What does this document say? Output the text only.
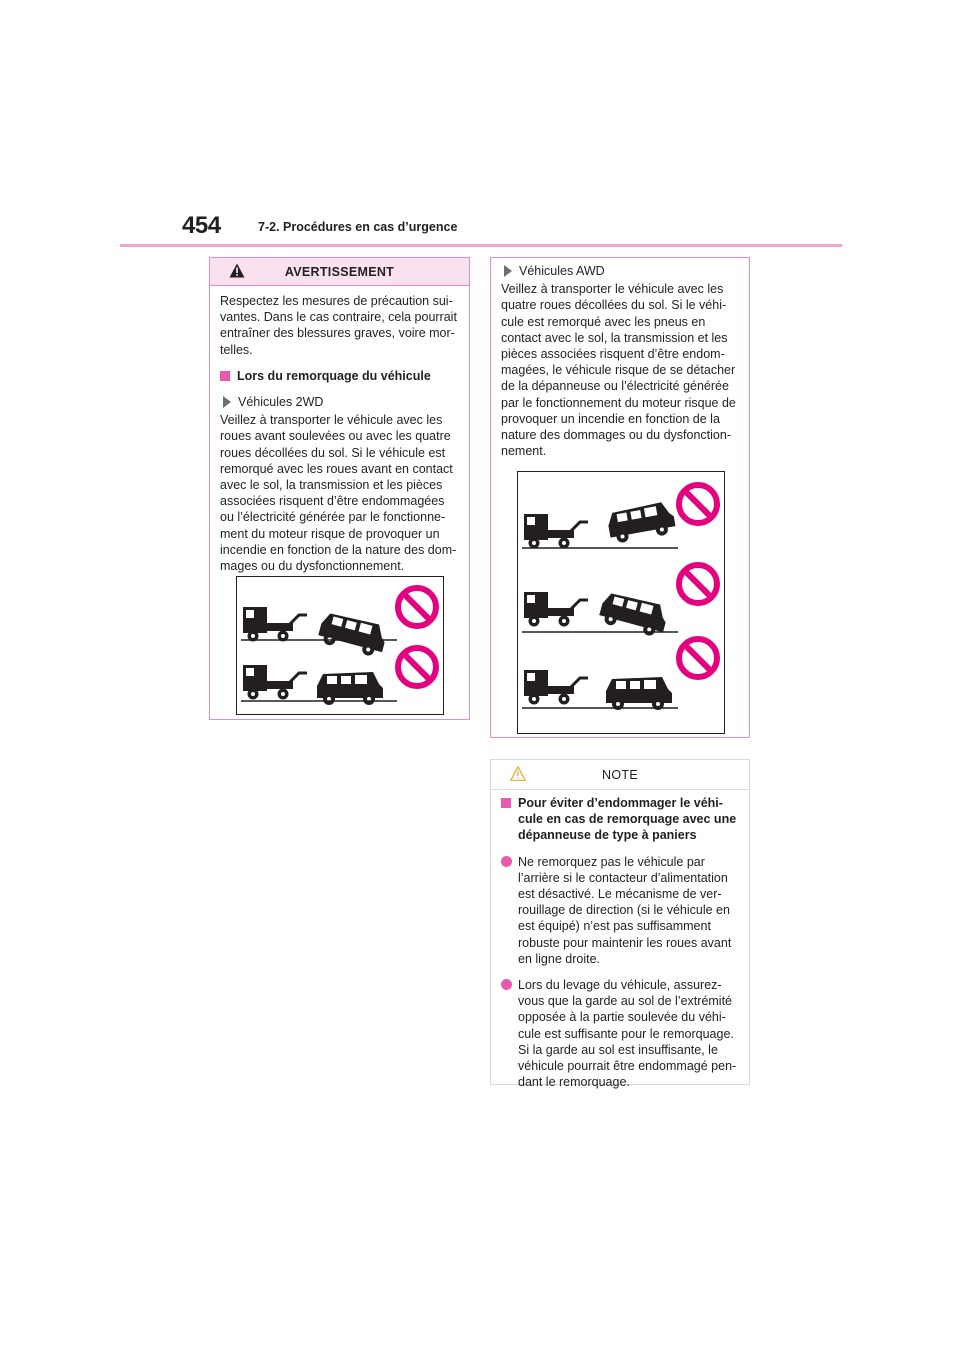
454	7-2. Procédures en cas d’urgence
AVERTISSEMENT

Respectez les mesures de précaution sui-vantes. Dans le cas contraire, cela pourrait entraîner des blessures graves, voire mor-telles.

Lors du remorquage du véhicule

Véhicules 2WD

Veillez à transporter le véhicule avec les roues avant soulevées ou avec les quatre roues décollées du sol. Si le véhicule est remorqué avec les roues avant en contact avec le sol, la transmission et les pièces associées risquent d’être endommagées ou l’électricité générée par le fonctionne-ment du moteur risque de provoquer un incendie en fonction de la nature des dom-mages ou du dysfonctionnement.

Véhicules AWD

Veillez à transporter le véhicule avec les quatre roues décollées du sol. Si le véhi-cule est remorqué avec les pneus en contact avec le sol, la transmission et les pièces associées risquent d’être endom-magées, le véhicule risque de se détacher de la dépanneuse ou l’électricité générée par le fonctionnement du moteur risque de provoquer un incendie en fonction de la nature des dommages ou du dysfonction-nement.

NOTE

Pour éviter d’endommager le véhi-cule en cas de remorquage avec une dépanneuse de type à paniers

Ne remorquez pas le véhicule par l’arrière si le contacteur d’alimentation est désactivé. Le mécanisme de ver-rouillage de direction (si le véhicule en est équipé) n’est pas suffisamment robuste pour maintenir les roues avant en ligne droite.

Lors du levage du véhicule, assurez-vous que la garde au sol de l’extrémité opposée à la partie soulevée du véhi-cule est suffisante pour le remorquage. Si la garde au sol est insuffisante, le véhicule pourrait être endommagé pen-dant le remorquage.
